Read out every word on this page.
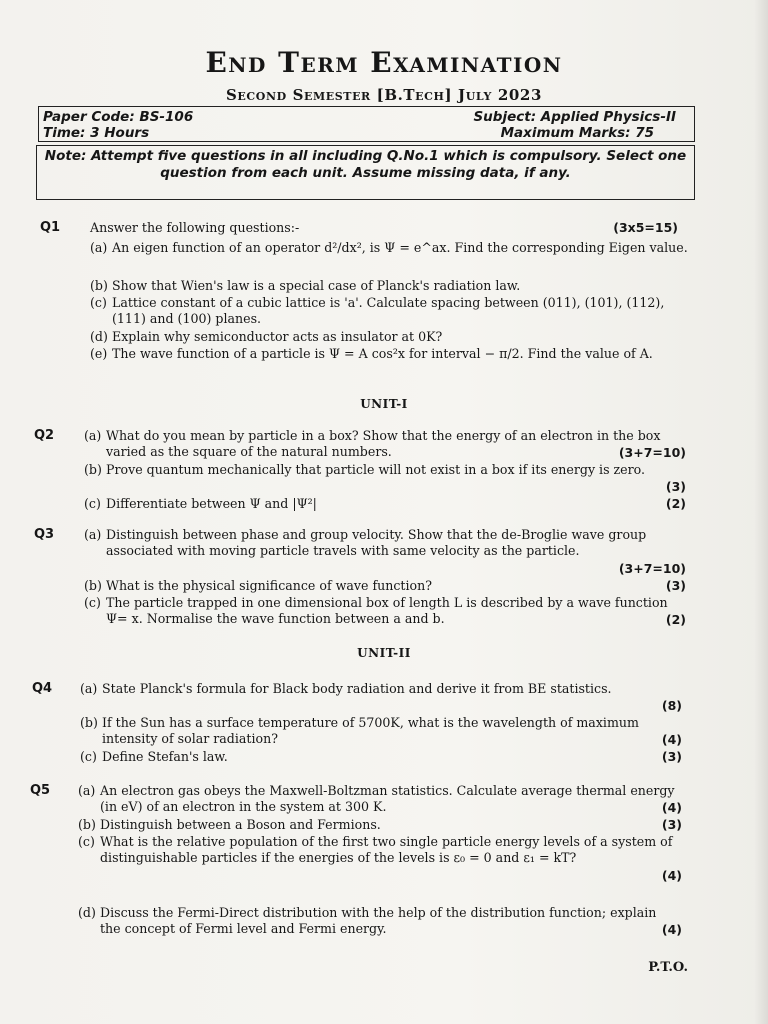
End Term Examination
Second Semester [B.Tech] July 2023
Paper Code: BS-106	Subject: Applied Physics-II
Time: 3 Hours	Maximum Marks: 75
Note: Attempt five questions in all including Q.No.1 which is compulsory. Select one question from each unit. Assume missing data, if any.
Q1 Answer the following questions:-	(3x5=15)
(a) An eigen function of an operator d²/dx², is Ψ = e^ax. Find the corresponding Eigen value.
(b) Show that Wien's law is a special case of Planck's radiation law.
(c) Lattice constant of a cubic lattice is 'a'. Calculate spacing between (011), (101), (112), (111) and (100) planes.
(d) Explain why semiconductor acts as insulator at 0K?
(e) The wave function of a particle is Ψ = A cos²x for interval − π/2. Find the value of A.
UNIT-I
Q2 (a) What do you mean by particle in a box? Show that the energy of an electron in the box varied as the square of the natural numbers.	(3+7=10)
(b) Prove quantum mechanically that particle will not exist in a box if its energy is zero.
(3)
(c) Differentiate between Ψ and |Ψ²|	(2)
Q3 (a) Distinguish between phase and group velocity. Show that the de-Broglie wave group associated with moving particle travels with same velocity as the particle.
(3+7=10)
(b) What is the physical significance of wave function?	(3)
(c) The particle trapped in one dimensional box of length L is described by a wave function Ψ= x. Normalise the wave function between a and b.	(2)
UNIT-II
Q4 (a) State Planck's formula for Black body radiation and derive it from BE statistics.
(8)
(b) If the Sun has a surface temperature of 5700K, what is the wavelength of maximum intensity of solar radiation?	(4)
(c) Define Stefan's law.	(3)
Q5 (a) An electron gas obeys the Maxwell-Boltzman statistics. Calculate average thermal energy (in eV) of an electron in the system at 300 K.	(4)
(b) Distinguish between a Boson and Fermions.	(3)
(c) What is the relative population of the first two single particle energy levels of a system of distinguishable particles if the energies of the levels is ε₀ = 0 and ε₁ = kT?
(4)
(d) Discuss the Fermi-Direct distribution with the help of the distribution function; explain the concept of Fermi level and Fermi energy.	(4)
P.T.O.
